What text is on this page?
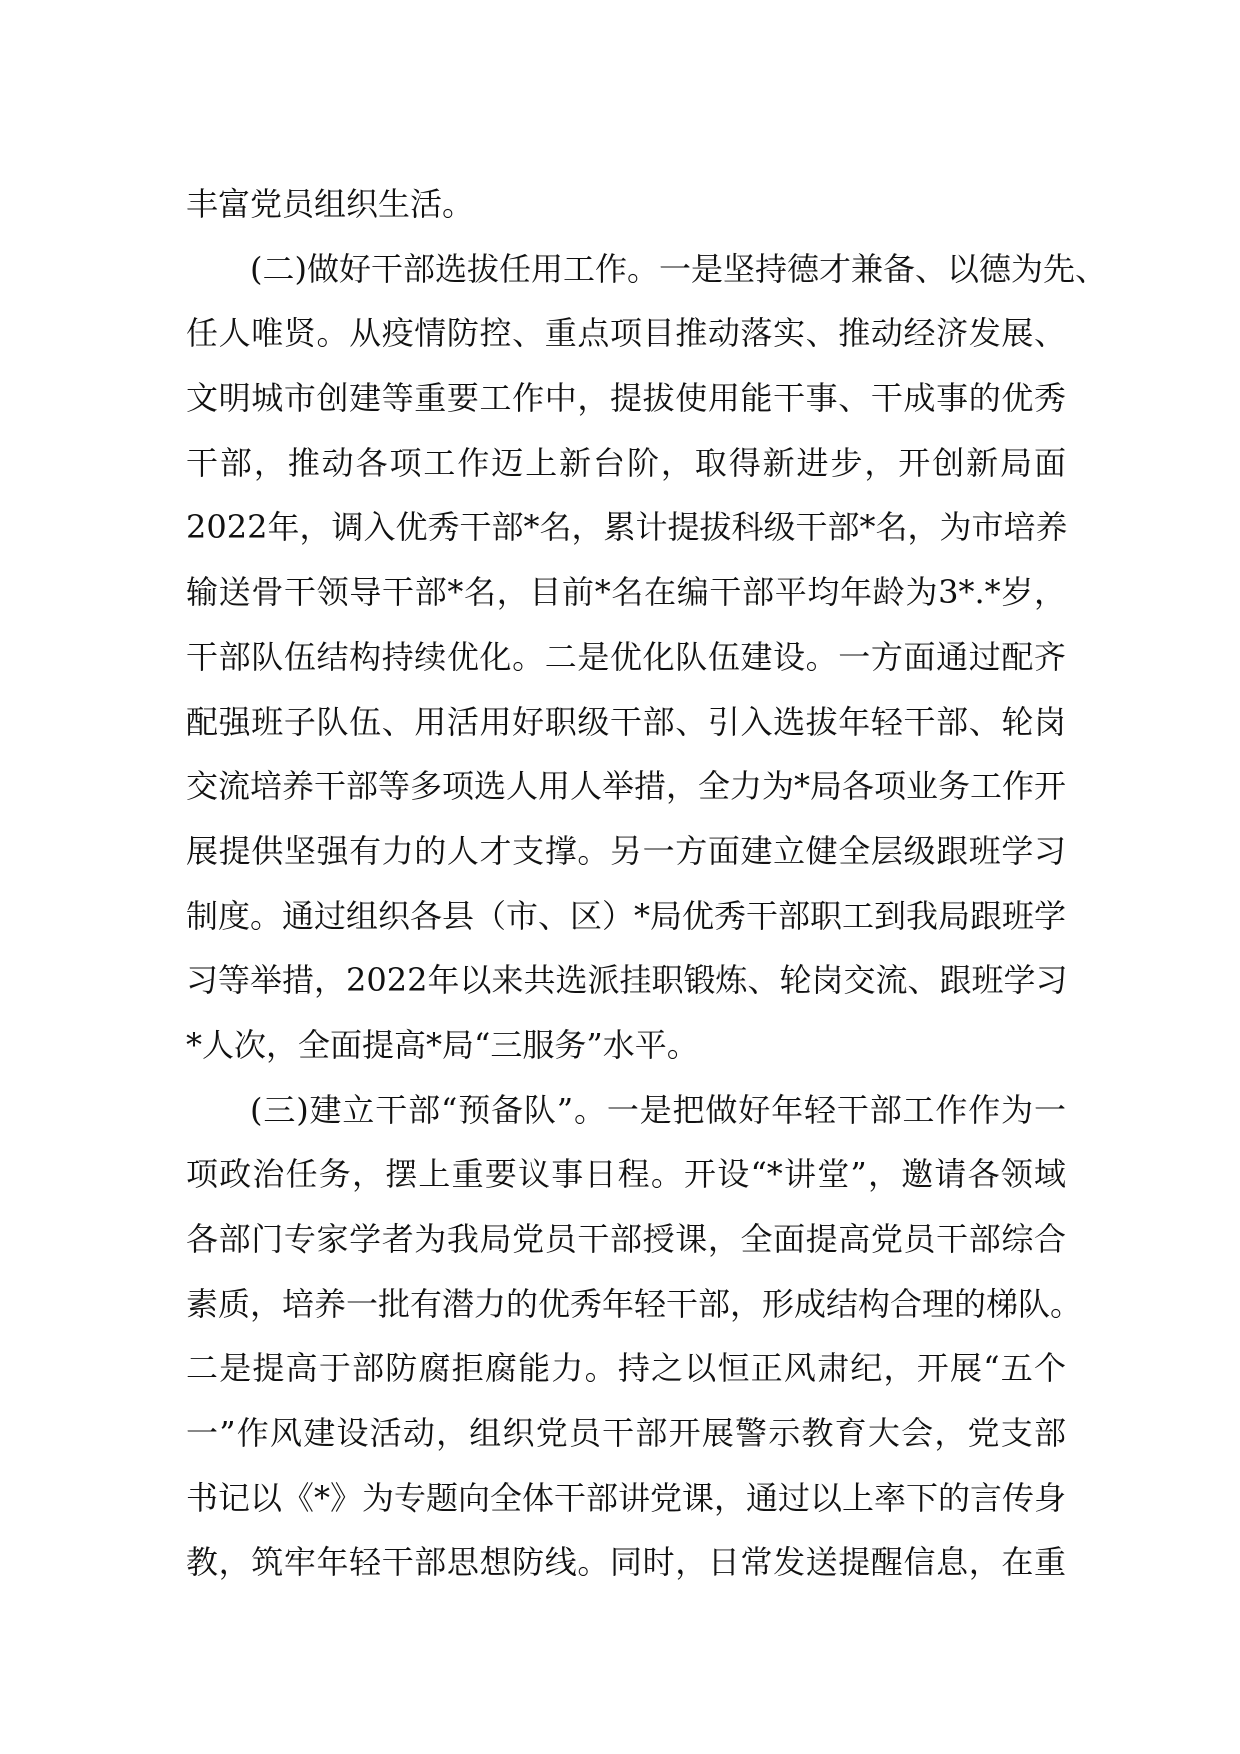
丰富党员组织生活。
(二)做好干部选拔任用工作。一是坚持德才兼备、以德为先、
任人唯贤。从疫情防控、重点项目推动落实、推动经济发展、
文明城市创建等重要工作中，提拔使用能干事、干成事的优秀
干部，推动各项工作迈上新台阶，取得新进步，开创新局面
2022年，调入优秀干部*名，累计提拔科级干部*名，为市培养
输送骨干领导干部*名，目前*名在编干部平均年龄为3*.*岁，
干部队伍结构持续优化。二是优化队伍建设。一方面通过配齐
配强班子队伍、用活用好职级干部、引入选拔年轻干部、轮岗
交流培养干部等多项选人用人举措，全力为*局各项业务工作开
展提供坚强有力的人才支撑。另一方面建立健全层级跟班学习
制度。通过组织各县（市、区）*局优秀干部职工到我局跟班学
习等举措，2022年以来共选派挂职锻炼、轮岗交流、跟班学习
*人次，全面提高*局“三服务”水平。
(三)建立干部“预备队”。一是把做好年轻干部工作作为一
项政治任务，摆上重要议事日程。开设“*讲堂”，邀请各领域
各部门专家学者为我局党员干部授课，全面提高党员干部综合
素质，培养一批有潜力的优秀年轻干部，形成结构合理的梯队。
二是提高于部防腐拒腐能力。持之以恒正风肃纪，开展“五个
一”作风建设活动，组织党员干部开展警示教育大会，党支部
书记以《*》为专题向全体干部讲党课，通过以上率下的言传身
教，筑牢年轻干部思想防线。同时，日常发送提醒信息，在重
